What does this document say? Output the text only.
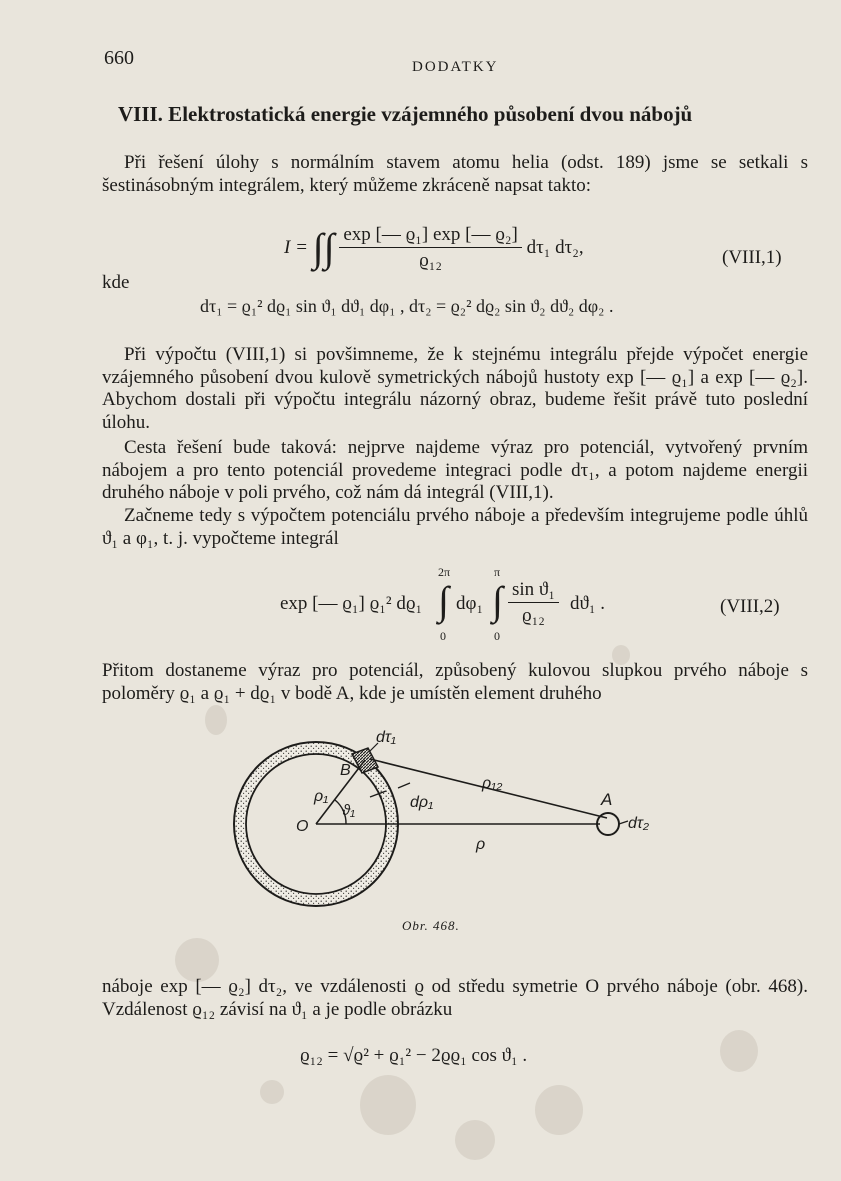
660	DODATKY
VIII. Elektrostatická energie vzájemného působení dvou nábojů
Při řešení úlohy s normálním stavem atomu helia (odst. 189) jsme se setkali s šestinásobným integrálem, který můžeme zkráceně napsat takto:
I = ∫∫ $\frac{\text{exp [— ϱ₁] exp [— ϱ₂]}}{\text{ϱ₁₂}} d\tau_1$ dτ₂,	(VIII,1)
kde
dτ₁ = ϱ₁² dϱ₁ sin ϑ₁ dϑ₁ dφ₁ , dτ₂ = ϱ₂² dϱ₂ sin ϑ₂ dϑ₂ dφ₂ .
Při výpočtu (VIII,1) si povšimneme, že k stejnému integrálu přejde výpočet energie vzájemného působení dvou kulově symetrických nábojů hustoty exp [— ϱ₁] a exp [— ϱ₂]. Abychom dostali při výpočtu integrálu názorný obraz, budeme řešit právě tuto poslední úlohu.
Cesta řešení bude taková: nejprve najdeme výraz pro potenciál, vytvořený prvním nábojem a pro tento potenciál provedeme integraci podle dτ₁, a potom najdeme energii druhého náboje v poli prvého, což nám dá integrál (VIII,1).
Začneme tedy s výpočtem potenciálu prvého náboje a především integrujeme podle úhlů ϑ₁ a φ₁, t. j. vypočteme integrál
exp [— ϱ₁] ϱ₁² dϱ₁ ∫
2π
0
dφ₁ ∫
π
0
$\frac{\text{sin ϑ₁}}{\text{ϱ₁₂}} dϑ_1$ .	(VIII,2)
Přitom dostaneme výraz pro potenciál, způsobený kulovou slupkou prvého náboje s poloměry ϱ₁ a ϱ₁ + dϱ₁ v bodě A, kde je umístěn element druhého
dτ₁
B
ρ₁
ϑ₁	dρ₁
O
ρ₁₂
A
dτ₂
ρ
Obr. 468.
náboje exp [— ϱ₂] dτ₂, ve vzdálenosti ϱ od středu symetrie O prvého náboje (obr. 468). Vzdálenost ϱ₁₂ závisí na ϑ₁ a je podle obrázku
ϱ₁₂ = √ϱ² + ϱ₁² − 2ϱϱ₁ cos ϑ₁ .
